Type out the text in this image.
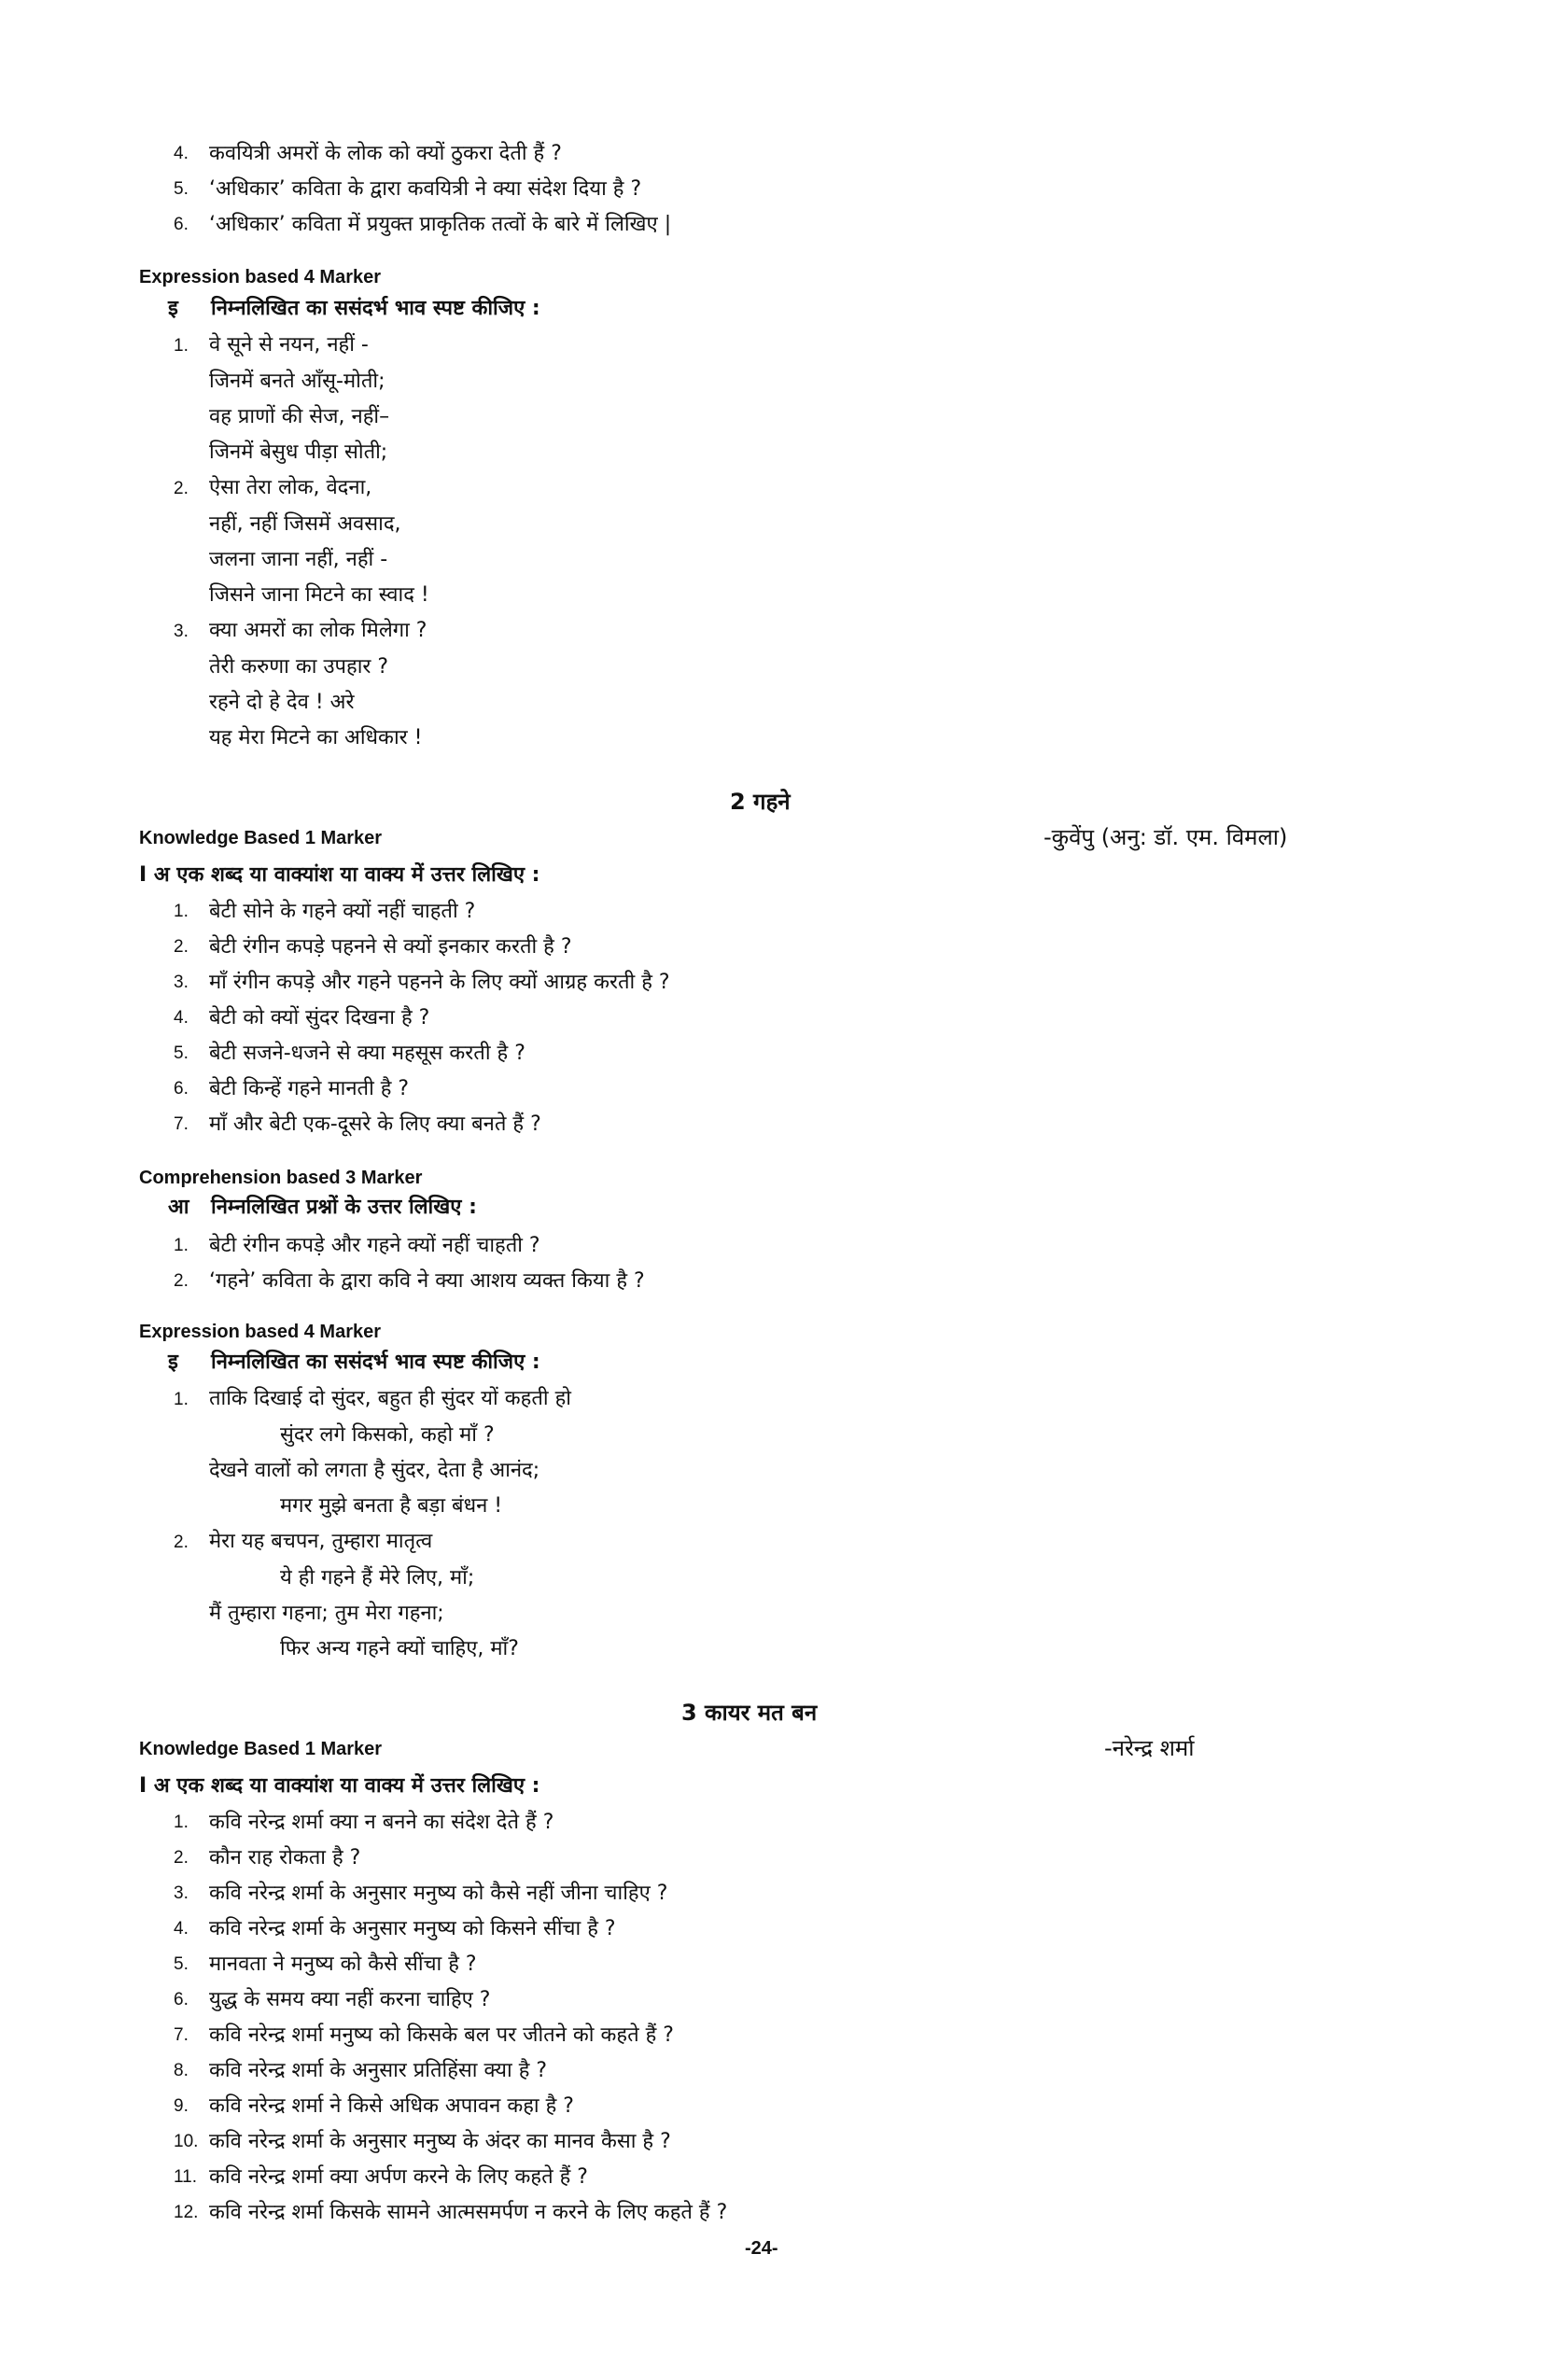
4. कवयित्री अमरों के लोक को क्यों ठुकरा देती हैं ?
5. ‘अधिकार’ कविता के द्वारा कवयित्री ने क्या संदेश दिया है ?
6. ‘अधिकार’ कविता में प्रयुक्त प्राकृतिक तत्वों के बारे में लिखिए |
Expression based 4 Marker
इ निम्नलिखित का ससंदर्भ भाव स्पष्ट कीजिए :
1. वे सूने से नयन, नहीं -
जिनमें बनते आँसू-मोती;
वह प्राणों की सेज, नहीं–
जिनमें बेसुध पीड़ा सोती;
2. ऐसा तेरा लोक, वेदना,
नहीं, नहीं जिसमें अवसाद,
जलना जाना नहीं, नहीं -
जिसने जाना मिटने का स्वाद !
3. क्या अमरों का लोक मिलेगा ?
तेरी करुणा का उपहार ?
रहने दो हे देव ! अरे
यह मेरा मिटने का अधिकार !
2 गहने
Knowledge Based 1 Marker	-कुवेंपु (अनु: डॉ. एम. विमला)
I अ एक शब्द या वाक्यांश या वाक्य में उत्तर लिखिए :
1. बेटी सोने के गहने क्यों नहीं चाहती ?
2. बेटी रंगीन कपड़े पहनने से क्यों इनकार करती है ?
3. माँ रंगीन कपड़े और गहने पहनने के लिए क्यों आग्रह करती है ?
4. बेटी को क्यों सुंदर दिखना है ?
5. बेटी सजने-धजने से क्या महसूस करती है ?
6. बेटी किन्हें गहने मानती है ?
7. माँ और बेटी एक-दूसरे के लिए क्या बनते हैं ?
Comprehension based 3 Marker
आ निम्नलिखित प्रश्नों के उत्तर लिखिए :
1. बेटी रंगीन कपड़े और गहने क्यों नहीं चाहती ?
2. ‘गहने’ कविता के द्वारा कवि ने क्या आशय व्यक्त किया है ?
Expression based 4 Marker
इ निम्नलिखित का ससंदर्भ भाव स्पष्ट कीजिए :
1. ताकि दिखाई दो सुंदर, बहुत ही सुंदर यों कहती हो
सुंदर लगे किसको, कहो माँ ?
देखने वालों को लगता है सुंदर, देता है आनंद;
मगर मुझे बनता है बड़ा बंधन !
2. मेरा यह बचपन, तुम्हारा मातृत्व
ये ही गहने हैं मेरे लिए, माँ;
मैं तुम्हारा गहना; तुम मेरा गहना;
फिर अन्य गहने क्यों चाहिए, माँ?
3 कायर मत बन
Knowledge Based 1 Marker	-नरेन्द्र शर्मा
I अ एक शब्द या वाक्यांश या वाक्य में उत्तर लिखिए :
1. कवि नरेन्द्र शर्मा क्या न बनने का संदेश देते हैं ?
2. कौन राह रोकता है ?
3. कवि नरेन्द्र शर्मा के अनुसार मनुष्य को कैसे नहीं जीना चाहिए ?
4. कवि नरेन्द्र शर्मा के अनुसार मनुष्य को किसने सींचा है ?
5. मानवता ने मनुष्य को कैसे सींचा है ?
6. युद्ध के समय क्या नहीं करना चाहिए ?
7. कवि नरेन्द्र शर्मा मनुष्य को किसके बल पर जीतने को कहते हैं ?
8. कवि नरेन्द्र शर्मा के अनुसार प्रतिहिंसा क्या है ?
9. कवि नरेन्द्र शर्मा ने किसे अधिक अपावन कहा है ?
10. कवि नरेन्द्र शर्मा के अनुसार मनुष्य के अंदर का मानव कैसा है ?
11. कवि नरेन्द्र शर्मा क्या अर्पण करने के लिए कहते हैं ?
12. कवि नरेन्द्र शर्मा किसके सामने आत्मसमर्पण न करने के लिए कहते हैं ?
-24-
